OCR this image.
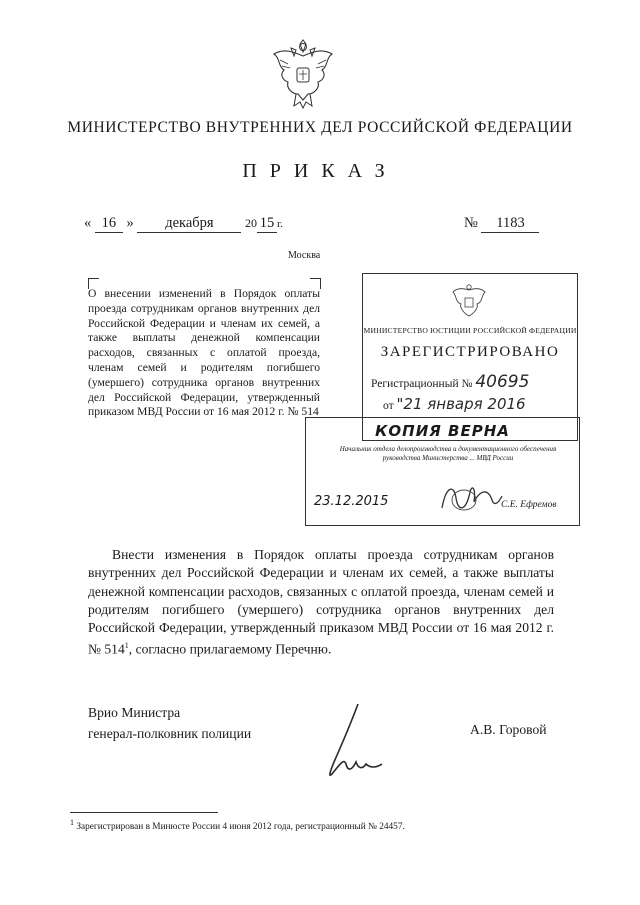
МИНИСТЕРСТВО ВНУТРЕННИХ ДЕЛ РОССИЙСКОЙ ФЕДЕРАЦИИ
ПРИКАЗ
« 16 » декабря	20 15 г.	№ 1183
Москва
О внесении изменений в Порядок оплаты проезда сотрудникам органов внутренних дел Российской Федерации и членам их семей, а также выплаты денежной компенсации расходов, связанных с оплатой проезда, членам семей и родителям погибшего (умершего) сотрудника органов внутренних дел Российской Федерации, утвержденный приказом МВД России от 16 мая 2012 г. № 514
МИНИСТЕРСТВО ЮСТИЦИИ РОССИЙСКОЙ ФЕДЕРАЦИИ
ЗАРЕГИСТРИРОВАНО
Регистрационный № 40695
от "21 января 2016
КОПИЯ ВЕРНА
Начальник отдела делопроизводства и документационного обеспечения руководства Министерства ... МВД России
23.12.2015	С.Е. Ефремов
Внести изменения в Порядок оплаты проезда сотрудникам органов внутренних дел Российской Федерации и членам их семей, а также выплаты денежной компенсации расходов, связанных с оплатой проезда, членам семей и родителям погибшего (умершего) сотрудника органов внутренних дел Российской Федерации, утвержденный приказом МВД России от 16 мая 2012 г. № $514^1$, согласно прилагаемому Перечню.
Врио Министра
генерал-полковник полиции	А.В. Горовой
$^1$ Зарегистрирован в Минюсте России 4 июня 2012 года, регистрационный № 24457.
